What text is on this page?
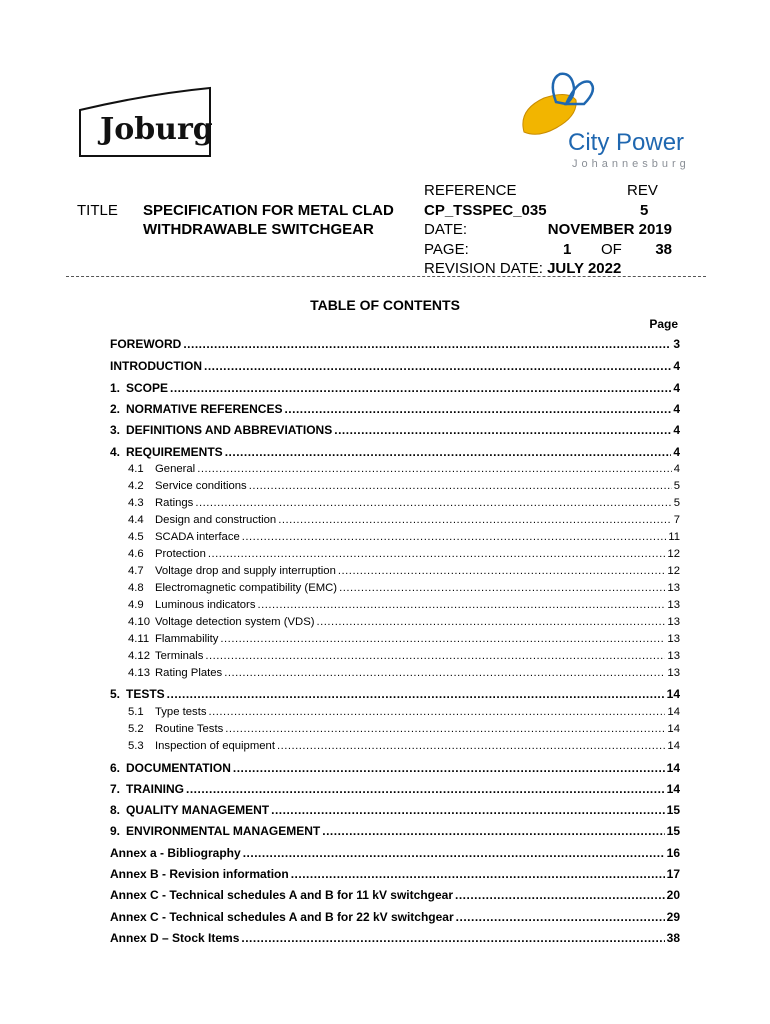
Joburg	City Power
Johannesburg
TITLE SPECIFICATION FOR METAL CLAD
WITHDRAWABLE SWITCHGEAR
REFERENCE	REV
CP_TSSPEC_035	5
DATE:	NOVEMBER 2019
PAGE:	1 OF 38
REVISION DATE: JULY 2022
TABLE OF CONTENTS
Page
FOREWORD .....	3
INTRODUCTION .....	4
1. SCOPE .....	4
2. NORMATIVE REFERENCES .....	4
3. DEFINITIONS AND ABBREVIATIONS .....	4
4. REQUIREMENTS .....	4
4.1 General .....	4
4.2 Service conditions .....	5
4.3 Ratings .....	5
4.4 Design and construction .....	7
4.5 SCADA interface .....	11
4.6 Protection .....	12
4.7 Voltage drop and supply interruption .....	12
4.8 Electromagnetic compatibility (EMC) .....	13
4.9 Luminous indicators .....	13
4.10 Voltage detection system (VDS) .....	13
4.11 Flammability .....	13
4.12 Terminals .....	13
4.13 Rating Plates .....	13
5. TESTS .....	14
5.1 Type tests .....	14
5.2 Routine Tests .....	14
5.3 Inspection of equipment .....	14
6. DOCUMENTATION .....	14
7. TRAINING .....	14
8. QUALITY MANAGEMENT .....	15
9. ENVIRONMENTAL MANAGEMENT .....	15
Annex a - Bibliography .....	16
Annex B - Revision information .....	17
Annex C - Technical schedules A and B for 11 kV switchgear .....	20
Annex C - Technical schedules A and B for 22 kV switchgear .....	29
Annex D – Stock Items .....	38
